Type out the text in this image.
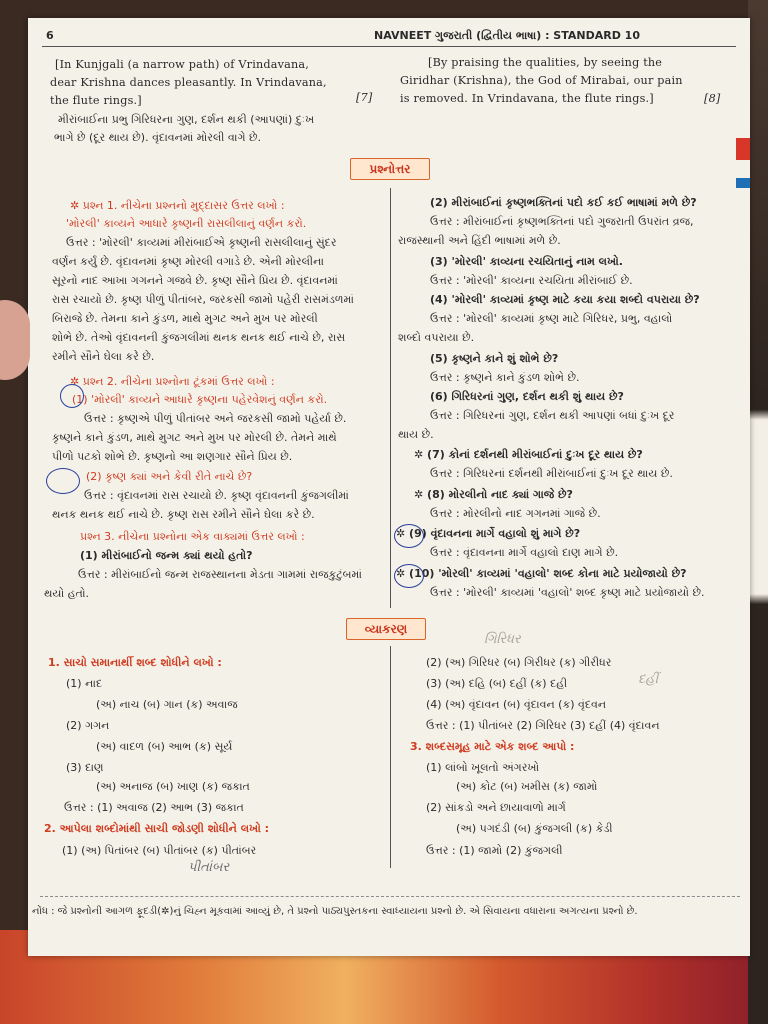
6	NAVNEET ગુજરાતી (દ્વિતીય ભાષા) : STANDARD 10
[In Kunjgali (a narrow path) of Vrindavana,
dear Krishna dances pleasantly. In Vrindavana,
the flute rings.]	[7]
[By praising the qualities, by seeing the
Giridhar (Krishna), the God of Mirabai, our pain
is removed. In Vrindavana, the flute rings.]	[8]
મીરાંબાઈના પ્રભુ ગિરિધરના ગુણ, દર્શન થકી (આપણાં) દુઃખ
ભાગે છે (દૂર થાય છે). વૃંદાવનમાં મોરલી વાગે છે.
પ્રશ્નોત્તર
✲ પ્રશ્ન 1. નીચેના પ્રશ્નનો મુદ્દાસર ઉત્તર લખો :
'મોરલી' કાવ્યને આધારે કૃષ્ણની રાસલીલાનું વર્ણન કરો.
ઉત્તર : 'મોરલી' કાવ્યમાં મીરાંબાઈએ કૃષ્ણની રાસલીલાનું સુંદર
વર્ણન કર્યું છે. વૃંદાવનમાં કૃષ્ણ મોરલી વગાડે છે. એની મોરલીના
સૂરનો નાદ આખા ગગનને ગજવે છે. કૃષ્ણ સૌને પ્રિય છે. વૃંદાવનમાં
રાસ રચાયો છે. કૃષ્ણ પીળું પીતાંબર, જરકસી જામો પહેરી રાસમંડળમાં
બિરાજે છે. તેમના કાને કુંડળ, માથે મુગટ અને મુખ પર મોરલી
શોભે છે. તેઓ વૃંદાવનની કુંજગલીમાં થનક થનક થઈ નાચે છે, રાસ
રમીને સૌને ઘેલા કરે છે.
✲ પ્રશ્ન 2. નીચેના પ્રશ્નોના ટૂંકમાં ઉત્તર લખો :
(1) 'મોરલી' કાવ્યને આધારે કૃષ્ણના પહેરવેશનું વર્ણન કરો.
ઉત્તર : કૃષ્ણએ પીળું પીતાંબર અને જરકસી જામો પહેર્યા છે.
કૃષ્ણને કાને કુંડળ, માથે મુગટ અને મુખ પર મોરલી છે. તેમને માથે
પીળો પટકો શોભે છે. કૃષ્ણનો આ શણગાર સૌને પ્રિય છે.
(2) કૃષ્ણ ક્યાં અને કેવી રીતે નાચે છે?
ઉત્તર : વૃંદાવનમાં રાસ રચાયો છે. કૃષ્ણ વૃંદાવનની કુંજગલીમાં
થનક થનક થઈ નાચે છે. કૃષ્ણ રાસ રમીને સૌને ઘેલા કરે છે.
પ્રશ્ન 3. નીચેના પ્રશ્નોના એક વાક્યમાં ઉત્તર લખો :
(1) મીરાંબાઈનો જન્મ ક્યાં થયો હતો?
ઉત્તર : મીરાંબાઈનો જન્મ રાજસ્થાનના મેડતા ગામમાં રાજકુટુંબમાં
થયો હતો.
(2) મીરાંબાઈનાં કૃષ્ણભક્તિનાં પદો કઈ કઈ ભાષામાં મળે છે?
ઉત્તર : મીરાંબાઈનાં કૃષ્ણભક્તિનાં પદો ગુજરાતી ઉપરાંત વ્રજ,
રાજસ્થાની અને હિંદી ભાષામાં મળે છે.
(3) 'મોરલી' કાવ્યના રચયિતાનું નામ લખો.
ઉત્તર : 'મોરલી' કાવ્યના રચયિતા મીરાંબાઈ છે.
(4) 'મોરલી' કાવ્યમાં કૃષ્ણ માટે કયા કયા શબ્દો વપરાયા છે?
ઉત્તર : 'મોરલી' કાવ્યમાં કૃષ્ણ માટે ગિરિધર, પ્રભુ, વહાલો
શબ્દો વપરાયા છે.
(5) કૃષ્ણને કાને શું શોભે છે?
ઉત્તર : કૃષ્ણને કાને કુંડળ શોભે છે.
(6) ગિરિધરનાં ગુણ, દર્શન થકી શું થાય છે?
ઉત્તર : ગિરિધરનાં ગુણ, દર્શન થકી આપણાં બધાં દુઃખ દૂર
થાય છે.
✲ (7) કોનાં દર્શનથી મીરાંબાઈનાં દુઃખ દૂર થાય છે?
ઉત્તર : ગિરિધરનાં દર્શનથી મીરાંબાઈનાં દુઃખ દૂર થાય છે.
✲ (8) મોરલીનો નાદ ક્યાં ગાજે છે?
ઉત્તર : મોરલીનો નાદ ગગનમાં ગાજે છે.
✲ (9) વૃંદાવનના માર્ગે વહાલો શું માગે છે?
ઉત્તર : વૃંદાવનના માર્ગે વહાલો દાણ માગે છે.
✲ (10) 'મોરલી' કાવ્યમાં 'વહાલો' શબ્દ કોના માટે પ્રયોજાયો છે?
ઉત્તર : 'મોરલી' કાવ્યમાં 'વહાલો' શબ્દ કૃષ્ણ માટે પ્રયોજાયો છે.
વ્યાકરણ
1. સાચો સમાનાર્થી શબ્દ શોધીને લખો :
(1) નાદ
(અ) નાચ (બ) ગાન (ક) અવાજ
(2) ગગન
(અ) વાદળ (બ) આભ (ક) સૂર્ય
(3) દાણ
(અ) અનાજ (બ) ખાણ (ક) જકાત
ઉત્તર : (1) અવાજ (2) આભ (3) જકાત
2. આપેલા શબ્દોમાંથી સાચી જોડણી શોધીને લખો :
(1) (અ) પિતાંબર (બ) પીતાંબર (ક) પીતાંબર
(2) (અ) ગિરિધર (બ) ગિરીધર (ક) ગીરીધર
(3) (અ) દહિ (બ) દહીં (ક) દહી
(4) (અ) વૃંદાવન (બ) વૃંદાવન (ક) વૃંદવન
ઉત્તર : (1) પીતાંબર (2) ગિરિધર (3) દહીં (4) વૃંદાવન
3. શબ્દસમૂહ માટે એક શબ્દ આપો :
(1) લાંબો ખૂલતો અંગરખો
(અ) કોટ (બ) ખમીસ (ક) જામો
(2) સાંકડો અને છાયાવાળો માર્ગ
(અ) પગદંડી (બ) કુંજગલી (ક) કેડી
ઉત્તર : (1) જામો (2) કુંજગલી
ગિરિધર
દહીં
પીતાંબર
નોંધ : જે પ્રશ્નોની આગળ ફૂદડી(✲)નું ચિહ્ન મૂકવામાં આવ્યું છે, તે પ્રશ્નો પાઠ્યપુસ્તકના સ્વાધ્યાયના પ્રશ્નો છે. એ સિવાયના વધારાના અગત્યના પ્રશ્નો છે.
